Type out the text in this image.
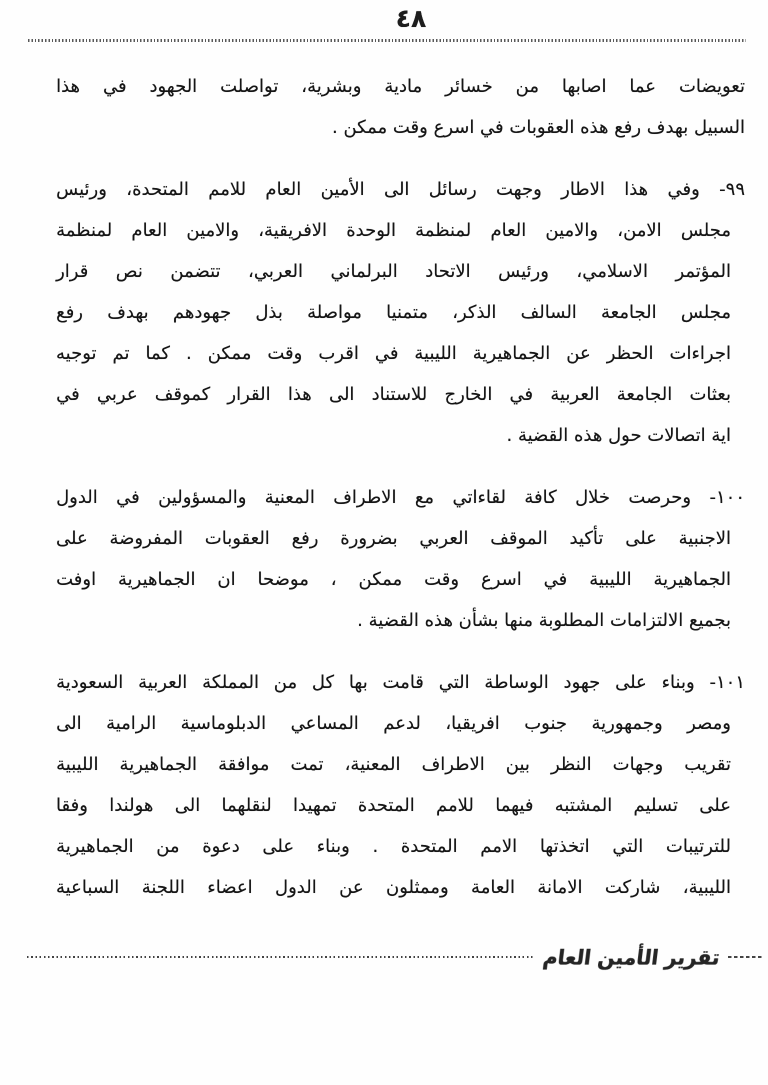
٤٨
تعويضات
عما
اصابها
من
خسائر
مادية
وبشرية،
تواصلت
الجهود
في
هذا
السبيل بهدف رفع هذه العقوبات في اسرع وقت ممكن .
٩٩-
وفي
هذا
الاطار
وجهت
رسائل
الى
الأمين
العام
للامم
المتحدة،
ورئيس
مجلس
الامن،
والامين
العام
لمنظمة
الوحدة
الافريقية،
والامين
العام
لمنظمة
المؤتمر
الاسلامي،
ورئيس
الاتحاد
البرلماني
العربي،
تتضمن
نص
قرار
مجلس
الجامعة
السالف
الذكر،
متمنيا
مواصلة
بذل
جهودهم
بهدف
رفع
اجراءات
الحظر
عن
الجماهيرية
الليبية
في
اقرب
وقت
ممكن
.
كما
تم
توجيه
بعثات
الجامعة
العربية
في
الخارج
للاستناد
الى
هذا
القرار
كموقف
عربي
في
اية اتصالات حول هذه القضية .
١٠٠-
وحرصت
خلال
كافة
لقاءاتي
مع
الاطراف
المعنية
والمسؤولين
في
الدول
الاجنبية
على
تأكيد
الموقف
العربي
بضرورة
رفع
العقوبات
المفروضة
على
الجماهيرية
الليبية
في
اسرع
وقت
ممكن
،
موضحا
ان
الجماهيرية
اوفت
بجميع الالتزامات المطلوبة منها بشأن هذه القضية .
١٠١-
وبناء
على
جهود
الوساطة
التي
قامت
بها
كل
من
المملكة
العربية
السعودية
ومصر
وجمهورية
جنوب
افريقيا،
لدعم
المساعي
الدبلوماسية
الرامية
الى
تقريب
وجهات
النظر
بين
الاطراف
المعنية،
تمت
موافقة
الجماهيرية
الليبية
على
تسليم
المشتبه
فيهما
للامم
المتحدة
تمهيدا
لنقلهما
الى
هولندا
وفقا
للترتيبات
التي
اتخذتها
الامم
المتحدة
.
وبناء
على
دعوة
من
الجماهيرية
الليبية،
شاركت
الامانة
العامة
وممثلون
عن
الدول
اعضاء
اللجنة
السباعية
تقرير الأمين العام
